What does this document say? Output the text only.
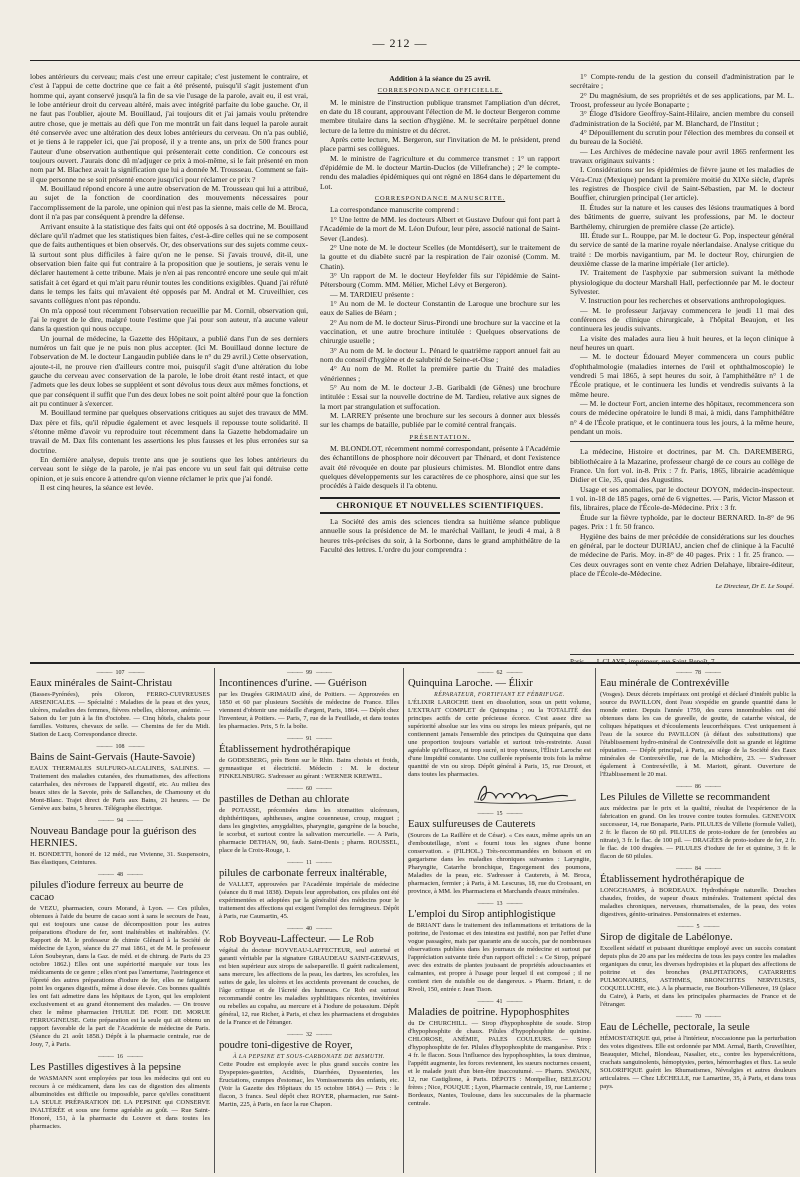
— 212 —

lobes antérieurs du cerveau; mais c'est une erreur capitale; c'est justement le contraire, et c'est à l'appui de cette doctrine que ce fait a été présenté, puisqu'il s'agit justement d'un homme qui, ayant conservé jusqu'à la fin de sa vie l'usage de la parole, avait eu, il est vrai, le lobe antérieur droit du cerveau altéré, mais avec intégrité parfaite du lobe gauche. Or, il ne faut pas l'oublier, ajoute M. Bouillaud, j'ai toujours dit et j'ai jamais voulu prétendre autre chose, que je mettais au défi que l'on me montrât un fait dans lequel la parole aurait été conservée avec une altération des deux lobes antérieurs du cerveau. On n'a pas oublié, et je tiens à le rappeler ici, que j'ai proposé, il y a trente ans, un prix de 500 francs pour l'auteur d'une observation authentique qui présenterait cette condition. Ce concours est toujours ouvert. J'aurais donc dû m'adjuger ce prix à moi-même, si le fait présenté en mon nom par M. Blachez avait la signification que lui a donnée M. Trousseau. Comment se fait-il que personne ne se soit présenté encore jusqu'ici pour réclamer ce prix ?

M. Bouillaud répond encore à une autre observation de M. Trousseau qui lui a attribué, au sujet de la fonction de coordination des mouvements nécessaires pour l'accomplissement de la parole, une opinion qui n'est pas la sienne, mais celle de M. Broca, dont il n'a pas par conséquent à prendre la défense.

Arrivant ensuite à la statistique des faits qui ont été opposés à sa doctrine, M. Bouillaud déclare qu'il n'admet que les statistiques bien faites, c'est-à-dire celles qui ne se composent que de faits authentiques et bien observés. Or, des observations sur des sujets comme ceux-là surtout sont plus difficiles à faire qu'on ne le pense. Si j'avais trouvé, dit-il, une observation bien faite qui fut contraire à la proposition que je soutiens, je serais venu le déclarer hautement à cette tribune. Mais je n'en ai pas rencontré encore une seule qui m'ait satisfait à cet égard et qui m'ait paru réunir toutes les conditions exigibles. Quand j'ai réfuté dans le temps les faits qui m'avaient été opposés par M. Andral et M. Cruveilhier, ces savants collègues n'ont pas répondu.

On m'a opposé tout récemment l'observation recueillie par M. Cornil, observation qui, j'ai le regret de le dire, malgré toute l'estime que j'ai pour son auteur, n'a aucune valeur dans la question qui nous occupe.

Un journal de médecine, la Gazette des Hôpitaux, a publié dans l'un de ses derniers numéros un fait que je ne puis non plus accepter. (Ici M. Bouillaud donne lecture de l'observation de M. le docteur Langaudin publiée dans le n° du 29 avril.) Cette observation, ajoute-t-il, ne prouve rien d'ailleurs contre moi, puisqu'il s'agit d'une altération du lobe gauche du cerveau avec conservation de la parole, le lobe droit étant resté intact, et que j'admets que les deux lobes se suppléent et sont dévolus tous deux aux mêmes fonctions, et que par conséquent il suffit que l'un des deux lobes ne soit point altéré pour que la fonction ait pu continuer à s'exercer.

M. Bouillaud termine par quelques observations critiques au sujet des travaux de MM. Dax père et fils, qu'il répudie également et avec lesquels il repousse toute solidarité. Il s'étonne même d'avoir vu reproduire tout récemment dans la Gazette hebdomadaire un travail de M. Dax fils contenant les assertions les plus fausses et les plus erronées sur sa doctrine.

En dernière analyse, depuis trente ans que je soutiens que les lobes antérieurs du cerveau sont le siège de la parole, je n'ai pas encore vu un seul fait qui détruise cette opinion, et je suis encore à attendre qu'on vienne réclamer le prix que j'ai fondé.

Il est cinq heures, la séance est levée.

Addition à la séance du 25 avril.
CORRESPONDANCE OFFICIELLE.

M. le ministre de l'instruction publique transmet l'ampliation d'un décret, en date du 18 courant, approuvant l'élection de M. le docteur Bergeron comme membre titulaire dans la section d'hygiène. M. le secrétaire perpétuel donne lecture de la lettre du ministre et du décret.

Après cette lecture, M. Bergeron, sur l'invitation de M. le président, prend place parmi ses collègues.

M. le ministre de l'agriculture et du commerce transmet : 1° un rapport d'épidémie de M. le docteur Martin-Duclos (de Villefranche) ; 2° le compte-rendu des maladies épidémiques qui ont régné en 1864 dans le département du Lot.

CORRESPONDANCE MANUSCRITE.

La correspondance manuscrite comprend :

1° Une lettre de MM. les docteurs Albert et Gustave Dufour qui font part à l'Académie de la mort de M. Léon Dufour, leur père, associé national de Saint-Sever (Landes).

2° Une note de M. le docteur Scelles (de Montdésert), sur le traitement de la goutte et du diabète sucré par la respiration de l'air ozonisé (Comm. M. Chatin).

3° Un rapport de M. le docteur Heyfelder fils sur l'épidémie de Saint-Pétersbourg (Comm. MM. Mélier, Michel Lévy et Bergeron).

— M. TARDIEU présente :

1° Au nom de M. le docteur Constantin de Laroque une brochure sur les eaux de Salies de Béarn ;

2° Au nom de M. le docteur Sirus-Pirondi une brochure sur la vaccine et la vaccination, et une autre brochure intitulée : Quelques observations de chirurgie usuelle ;

3° Au nom de M. le docteur L. Pénard le quatrième rapport annuel fait au nom du conseil d'hygiène et de salubrité de Seine-et-Oise ;

4° Au nom de M. Rollet la première partie du Traité des maladies vénériennes ;

5° Au nom de M. le docteur J.-B. Garibaldi (de Gênes) une brochure intitulée : Essai sur la nouvelle doctrine de M. Tardieu, relative aux signes de la mort par strangulation et suffocation.

M. LARREY présente une brochure sur les secours à donner aux blessés sur les champs de bataille, publiée par le comité central français.

PRÉSENTATION.

M. BLONDLOT, récemment nommé correspondant, présente à l'Académie des échantillons de phosphore noir découvert par Thénard, et dont l'existence avait été révoquée en doute par plusieurs chimistes. M. Blondlot entre dans quelques développements sur les caractères de ce phosphore, ainsi que sur les procédés à l'aide desquels il l'a obtenu.

CHRONIQUE ET NOUVELLES SCIENTIFIQUES.

La Société des amis des sciences tiendra sa huitième séance publique annuelle sous la présidence de M. le maréchal Vaillant, le jeudi 4 mai, à 8 heures très-précises du soir, à la Sorbonne, dans le grand amphithéâtre de la Faculté des lettres. L'ordre du jour comprendra :

1° Compte-rendu de la gestion du conseil d'administration par le secrétaire ;

2° Du magnésium, de ses propriétés et de ses applications, par M. L. Troost, professeur au lycée Bonaparte ;

3° Éloge d'Isidore Geoffroy-Saint-Hilaire, ancien membre du conseil d'administration de la Société, par M. Blanchard, de l'Institut ;

4° Dépouillement du scrutin pour l'élection des membres du conseil et du bureau de la Société.

— Les Archives de médecine navale pour avril 1865 renferment les travaux originaux suivants :

I. Considérations sur les épidémies de fièvre jaune et les maladies de Véra-Cruz (Mexique) pendant la première moitié du XIXe siècle, d'après les registres de l'hospice civil de Saint-Sébastien, par M. le docteur Bouffier, chirurgien principal (1er article).

II. Études sur la nature et les causes des lésions traumatiques à bord des bâtiments de guerre, suivant les professions, par M. le docteur Barthélemy, chirurgien de première classe (2e article).

III. Étude sur L. Rouppe, par M. le docteur G. Pop, inspecteur général du service de santé de la marine royale néerlandaise. Analyse critique du traité : De morbis navigantium, par M. le docteur Roy, chirurgien de deuxième classe de la marine impériale (1er article).

IV. Traitement de l'asphyxie par submersion suivant la méthode physiologique du docteur Marshall Hall, perfectionnée par M. le docteur Sylvester.

V. Instruction pour les recherches et observations anthropologiques.

— M. le professeur Jarjavay commencera le jeudi 11 mai des conférences de clinique chirurgicale, à l'hôpital Beaujon, et les continuera les jeudis suivants.

La visite des malades aura lieu à huit heures, et la leçon clinique à neuf heures un quart.

— M. le docteur Édouard Meyer commencera un cours public d'ophthalmologie (maladies internes de l'œil et ophthalmoscopie) le vendredi 5 mai 1865, à sept heures du soir, à l'amphithéâtre n° 1 de l'École pratique, et le continuera les lundis et vendredis suivants à la même heure.

— M. le docteur Fort, ancien interne des hôpitaux, recommencera son cours de médecine opératoire le lundi 8 mai, à midi, dans l'amphithéâtre n° 4 de l'École pratique, et le continuera tous les jours, à la même heure, pendant un mois.

La médecine, Histoire et doctrines, par M. Ch. DAREMBERG, bibliothécaire à la Mazarine, professeur chargé de ce cours au collège de France. Un fort vol. in-8. Prix : 7 fr. Paris, 1865, librairie académique Didier et Cie, 35, quai des Augustins.

Usage et ses anomalies, par le docteur DOYON, médecin-inspecteur. 1 vol. in-18 de 185 pages, orné de 6 vignettes. — Paris, Victor Masson et fils, libraires, place de l'École-de-Médecine. Prix : 3 fr.

Étude sur la fièvre typhoïde, par le docteur BERNARD. In-8° de 96 pages. Prix : 1 fr. 50 franco.

Hygiène des bains de mer précédée de considérations sur les douches en général, par le docteur DURIAU, ancien chef de clinique à la Faculté de médecine de Paris. Moy. in-8° de 40 pages. Prix : 1 fr. 25 franco. — Ces deux ouvrages sont en vente chez Adrien Delahaye, libraire-éditeur, place de l'École-de-Médecine.

Le Directeur, Dr E. Le Soupé.
Paris. — J. CLAYE, imprimeur, rue Saint-Benoît, 7.
——— 107 ———
Eaux minérales de Saint-Christau
(Basses-Pyrénées), près Oloron, FERRO-CUIVREUSES ARSENICALES. — Spécialité : Maladies de la peau et des yeux, ulcères, maladies des femmes, fièvres rebelles, chlorose, anémie. — Saison du 1er juin à la fin d'octobre. — Cinq hôtels, chalets pour familles. Voitures, chevaux de selle. — Chemins de fer du Midi. Station de Lacq. Correspondance directe.
——— 108 ———
Bains de Saint-Gervais (Haute-Savoie)
EAUX THERMALES SULFURO-ALCALINES, SALINES. — Traitement des maladies cutanées, des rhumatismes, des affections catarrhales, des névroses de l'appareil digestif, etc. Au milieu des beaux sites de la Savoie, près de Sallanches, de Chamouny et du Mont-Blanc. Trajet direct de Paris aux Bains, 21 heures. — De Genève aux bains, 5 heures. Télégraphe électrique.
——— 94 ———
Nouveau Bandage pour la guérison des HERNIES.
H. BONDETTI, honoré de 12 méd., rue Vivienne, 31. Suspensoirs, Bas élastiques, Ceintures.
——— 48 ———
pilules d'iodure ferreux au beurre de cacao
de VEZU, pharmacien, cours Morand, à Lyon. — Ces pilules, obtenues à l'aide du beurre de cacao sont à sans le secours de l'eau, qui est toujours une cause de décomposition pour les autres préparations d'iodure de fer, sont inaltérables et inaltérables. (V. Rapport de M. le professeur de chimie Glénard à la Société de médecine de Lyon, séance du 27 mai 1861, et de M. le professeur Léon Soubeyran, dans la Gaz. de méd. et de chirurg. de Paris du 23 octobre 1862.) Elles ont une supériorité marquée sur tous les médicaments de ce genre ; elles n'ont pas l'amertume, l'astringence et l'âpreté des autres préparations d'iodure de fer, elles ne fatiguent point les organes digestifs, même à dose élevée. Ces bonnes qualités les ont fait admettre dans les hôpitaux de Lyon, qui les emploient exclusivement et au grand étonnement des malades. — On trouve chez le même pharmacien l'HUILE DE FOIE DE MORUE FERRUGINEUSE. Cette préparation est la seule qui ait obtenu un rapport favorable de la part de l'Académie de médecine de Paris. (Séance du 21 août 1858.) Dépôt à la pharmacie centrale, rue de Jouy, 7, à Paris.
——— 16 ———
Les Pastilles digestives à la pepsine
de WASMANN sont employées par tous les médecins qui ont eu recours à ce médicament, dans les cas de digestion des aliments albuminoïdes est difficile ou impossible, parce qu'elles constituent LA SEULE PRÉPARATION DE LA PEPSINE qui CONSERVE INALTÉRÉE et sous une forme agréable au goût. — Rue Saint-Honoré, 151, à la pharmacie du Louvre et dans toutes les pharmacies.
——— 99 ———
Incontinences d'urine. — Guérison
par les Dragées GRIMAUD aîné, de Poitiers. — Approuvées en 1850 et 60 par plusieurs Sociétés de médecine de France. Elles viennent d'obtenir une médaille d'argent, Paris, 1864. — Dépôt chez l'inventeur, à Poitiers. — Paris, 7, rue de la Feuillade, et dans toutes les pharmacies. Prix, 5 fr. la boîte.
——— 91 ———
Établissement hydrothérapique
de GODESBERG, près Bonn sur le Rhin. Bains choisis et froids, gymnastique et électricité. Médecin : M. le docteur FINKELNBURG. S'adresser au gérant : WERNER KREWEL.
——— 60 ———
pastilles de Dethan au chlorate
de POTASSE, préconisées dans les stomatites ulcéreuses, diphthéritiques, aphtheuses, angine couenneuse, croup, muguet ; dans les gingivites, amygdalites, pharyngite, gangrène de la bouche, le scorbut, et surtout contre la salivation mercurielle. — A Paris, pharmacie DETHAN, 90, faub. Saint-Denis ; pharm. ROUSSEL, place de la Croix-Rouge, 1.
——— 11 ———
pilules de carbonate ferreux inaltérable,
de VALLET, approuvées par l'Académie impériale de médecine (séance du 8 mai 1838). Depuis leur approbation, ces pilules ont été expérimentées et adoptées par la généralité des médecins pour le traitement des affections qui exigent l'emploi des ferrugineux. Dépôt à Paris, rue Caumartin, 45.
——— 40 ———
Rob Boyveau-Laffecteur. — Le Rob
végétal du docteur BOYVEAU-LAFFECTEUR, seul autorisé et garanti véritable par la signature GIRAUDEAU SAINT-GERVAIS, est bien supérieur aux sirops de salsepareille. Il guérit radicalement, sans mercure, les affections de la peau, les dartres, les scrofules, les suites de gale, les ulcères et les accidents provenant de couches, de l'âge critique et de l'âcreté des humeurs. Ce Rob est surtout recommandé contre les maladies syphilitiques récentes, invétérées ou rebelles au copahu, au mercure et à l'iodure de potassium. Dépôt général, 12, rue Richer, à Paris, et chez les pharmaciens et droguistes de la France et de l'étranger.
——— 32 ———
poudre toni-digestive de Royer,
À LA PEPSINE ET SOUS-CARBONATE DE BISMUTH.
Cette Poudre est employée avec le plus grand succès contre les Dyspepsies-gastrites, Acidités, Diarrhées, Dyssenteries, les Éructations, crampes d'estomac, les Vomissements des enfants, etc. (Voir la Gazette des Hôpitaux du 15 octobre 1864.) — Prix : le flacon, 3 francs. Seul dépôt chez ROYER, pharmacien, rue Saint-Martin, 225, à Paris, en face la rue Chapon.
——— 62 ———
Quinquina Laroche. — Élixir
RÉPARATEUR, FORTIFIANT ET FÉBRIFUGE.
L'ÉLIXIR LAROCHE tient en dissolution, sous un petit volume, L'EXTRAIT COMPLET de Quinquina ; ou la TOTALITÉ des principes actifs de cette précieuse écorce. C'est assez dire sa supériorité absolue sur les vins ou sirops les mieux préparés, qui ne contiennent jamais l'ensemble des principes du Quinquina que dans une proportion toujours variable et surtout très-restreinte. Aussi agréable qu'efficace, ni trop sucré, ni trop vineux, l'Élixir Laroche est d'une limpidité constante. Une cuillerée représente trois fois la même quantité de vin ou sirop. Dépôt général à Paris, 15, rue Drouot, et dans toutes les pharmacies.
——— 15 ———
Eaux sulfureuses de Cauterets
(Sources de La Raillère et de César). « Ces eaux, même après un an d'embouteillage, n'ont « fourni tous les signes d'une bonne conservation. » (FILHOL.) Très-recommandées en boisson et en gargarisme dans les maladies chroniques suivantes : Laryngite, Pharyngite, Catarrhe bronchique, Engorgement des poumons, Maladies de la peau, etc. S'adresser à Cauterets, à M. Broca, pharmacien, fermier ; à Paris, à M. Lescuras, 18, rue du Croissant, en province, à MM. les Pharmaciens et Marchands d'eaux minérales.
——— 13 ———
L'emploi du Sirop antiphlogistique
de BRIANT dans le traitement des inflammations et irritations de la poitrine, de l'estomac et des intestins est justifié, non par l'effet d'une vogue passagère, mais par quarante ans de succès, par de nombreuses observations publiées dans les journaux de médecine et surtout par l'appréciation suivante tirée d'un rapport officiel : « Ce Sirop, préparé avec des extraits de plantes jouissant de propriétés adoucissantes et calmantes, est propre à l'usage pour lequel il est composé ; il ne contient rien de nuisible ou de dangereux. » Pharm. Briant, r. de Rivoli, 150, entrée r. Jean Tison.
——— 41 ———
Maladies de poitrine. Hypophosphites
du Dr CHURCHILL. — Sirop d'hypophosphite de soude. Sirop d'hypophosphite de chaux. Pilules d'hypophosphite de quinine. CHLOROSE, ANÉMIE, PALES COULEURS. — Sirop d'hypophosphite de fer. Pilules d'hypophosphite de manganèse. Prix : 4 fr. le flacon. Sous l'influence des hypophosphites, la toux diminue, l'appétit augmente, les forces reviennent, les sueurs nocturnes cessent, et le malade jouit d'un bien-être inaccoutumé. — Pharm. SWANN, 12, rue Castiglione, à Paris. DÉPOTS : Montpellier, BELEGOU frères ; Nice, FOUQUE ; Lyon, Pharmacie centrale, 19, rue Lanterne ; Bordeaux, Nantes, Toulouse, dans les succursales de la pharmacie centrale.
——— 78 ———
Eau minérale de Contrexéville
(Vosges). Deux décrets impériaux ont protégé et déclaré d'intérêt public la source du PAVILLON, dont l'eau s'expédie en grande quantité dans le monde entier. Depuis l'année 1759, des cures innombrables ont été obtenues dans les cas de gravelle, de goutte, de catarrhe vésical, de coliques hépatiques et d'écoulements leucorrhéiques. C'est uniquement à l'eau de la source du PAVILLON (à défaut des substitutions) que l'établissement hydro-minéral de Contrexéville doit sa grande et légitime réputation. — Dépôt principal, à Paris, au siège de la Société des Eaux minérales de Contrexéville, rue de la Michodière, 23. — S'adresser également à Contrexéville, à M. Mariott, gérant. Ouverture de l'Établissement le 20 mai.
——— 86 ———
Les Pilules de Villette se recommandent
aux médecins par le prix et la qualité, résultat de l'expérience de la fabrication en grand. On les trouve contre toutes formules. GENEVOIX successeur, 14, rue Bonaparte, Paris. PILULES de Villette (formule Vallet), 2 fr. le flacon de 60 pil. PILULES de proto-iodure de fer (enrobées au nitrate), 3 fr. le flac. de 100 pil. — DRAGÉES de proto-iodure de fer, 2 fr. le flac. de 100 dragées. — PILULES d'iodure de fer et quinine, 3 fr. le flacon de 60 pilules.
——— 84 ———
Établissement hydrothérapique de
LONGCHAMPS, à BORDEAUX. Hydrothérapie naturelle. Douches chaudes, froides, de vapeur d'eaux minérales. Traitement spécial des maladies chroniques, nerveuses, rhumatismales, de la peau, des voies digestives, génito-urinaires. Pensionnaires et externes.
——— 5 ———
Sirop de digitale de Labélonye.
Excellent sédatif et puissant diurétique employé avec un succès constant depuis plus de 20 ans par les médecins de tous les pays contre les maladies organiques du cœur, les diverses hydropisies et la plupart des affections de poitrine et des bronches (PALPITATIONS, CATARRHES PULMONAIRES, ASTHMES, BRONCHITES NERVEUSES, COQUELUCHE, etc.). A la pharmacie, rue Bourbon-Villeneuve, 19 (place du Caire), à Paris, et dans les principales pharmacies de France et de l'étranger.
——— 70 ———
Eau de Léchelle, pectorale, la seule
HÉMOSTATIQUE qui, prise à l'intérieur, n'occasionne pas la perturbation des voies digestives. Elle est ordonnée par MM. Armal, Barth, Cruveilhier, Beauquier, Michel, Blondeau, Nasalier, etc., contre les hypersécrétions, crachats sanguinolents, hémoptysies, pertes, hémorrhagies et flux. La seule SOLORIFIQUE guérit les Rhumatismes, Névralgies et autres douleurs articulaires. — Chez LÉCHELLE, rue Lamartine, 35, à Paris, et dans tous pays.
